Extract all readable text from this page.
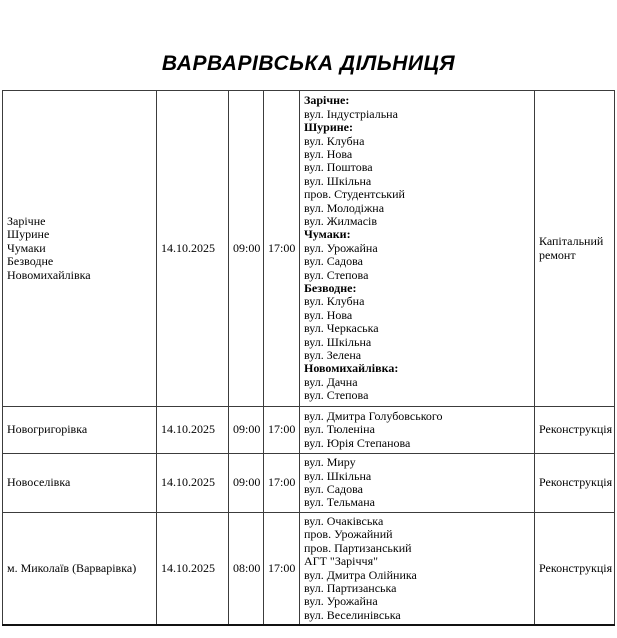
ВАРВАРІВСЬКА ДІЛЬНИЦЯ
Зарічне
Шурине
Чумаки
Безводне
Новомихайлівка
	14.10.2025	09:00	17:00	
Зарічне:
вул. Індустріальна
Шурине:
вул. Клубна
вул. Нова
вул. Поштова
вул. Шкільна
пров. Студентський
вул. Молодіжна
вул. Жилмасів
Чумаки:
вул. Урожайна
вул. Садова
вул. Степова
Безводне:
вул. Клубна
вул. Нова
вул. Черкаська
вул. Шкільна
вул. Зелена
Новомихайлівка:
вул. Дачна
вул. Степова
	Капітальний ремонт
Новогригорівка	14.10.2025	09:00	17:00	вул. Дмитра Голубовського
вул. Тюленіна
вул. Юрія Степанова	Реконструкція
Новоселівка	14.10.2025	09:00	17:00	вул. Миру
вул. Шкільна
вул. Садова
вул. Тельмана	Реконструкція
м. Миколаїв (Варварівка)	14.10.2025	08:00	17:00	
вул. Очаківська
пров. Урожайний
пров. Партизанський
АГТ "Заріччя"
вул. Дмитра Олійника
вул. Партизанська
вул. Урожайна
вул. Веселинівська
	Реконструкція
